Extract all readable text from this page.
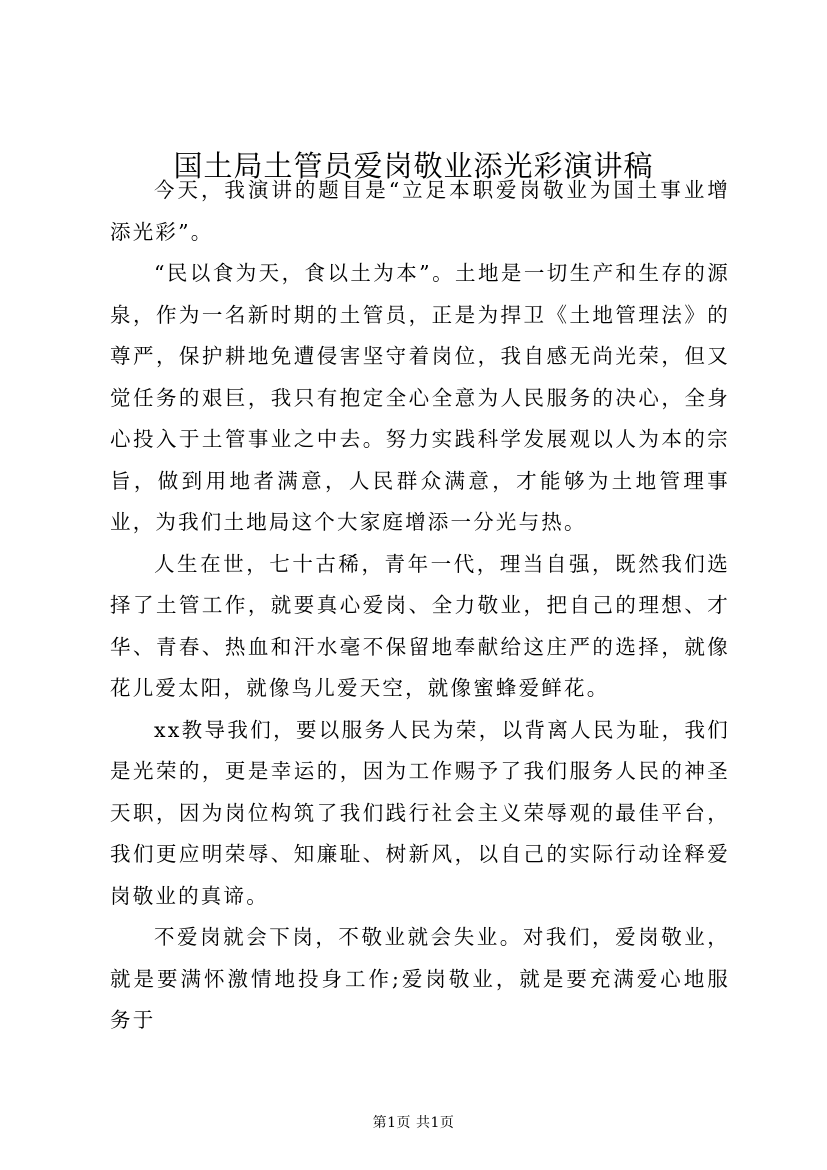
国土局土管员爱岗敬业添光彩演讲稿

今天，我演讲的题目是“立足本职爱岗敬业为国土事业增添光彩”。

“民以食为天，食以土为本”。土地是一切生产和生存的源泉，作为一名新时期的土管员，正是为捍卫《土地管理法》的尊严，保护耕地免遭侵害坚守着岗位，我自感无尚光荣，但又觉任务的艰巨，我只有抱定全心全意为人民服务的决心，全身心投入于土管事业之中去。努力实践科学发展观以人为本的宗旨，做到用地者满意，人民群众满意，才能够为土地管理事业，为我们土地局这个大家庭增添一分光与热。

人生在世，七十古稀，青年一代，理当自强，既然我们选择了土管工作，就要真心爱岗、全力敬业，把自己的理想、才华、青春、热血和汗水毫不保留地奉献给这庄严的选择，就像花儿爱太阳，就像鸟儿爱天空，就像蜜蜂爱鲜花。

xx教导我们，要以服务人民为荣，以背离人民为耻，我们是光荣的，更是幸运的，因为工作赐予了我们服务人民的神圣天职，因为岗位构筑了我们践行社会主义荣辱观的最佳平台，我们更应明荣辱、知廉耻、树新风，以自己的实际行动诠释爱岗敬业的真谛。

不爱岗就会下岗，不敬业就会失业。对我们，爱岗敬业，就是要满怀激情地投身工作;爱岗敬业，就是要充满爱心地服务于

第1页 共1页
